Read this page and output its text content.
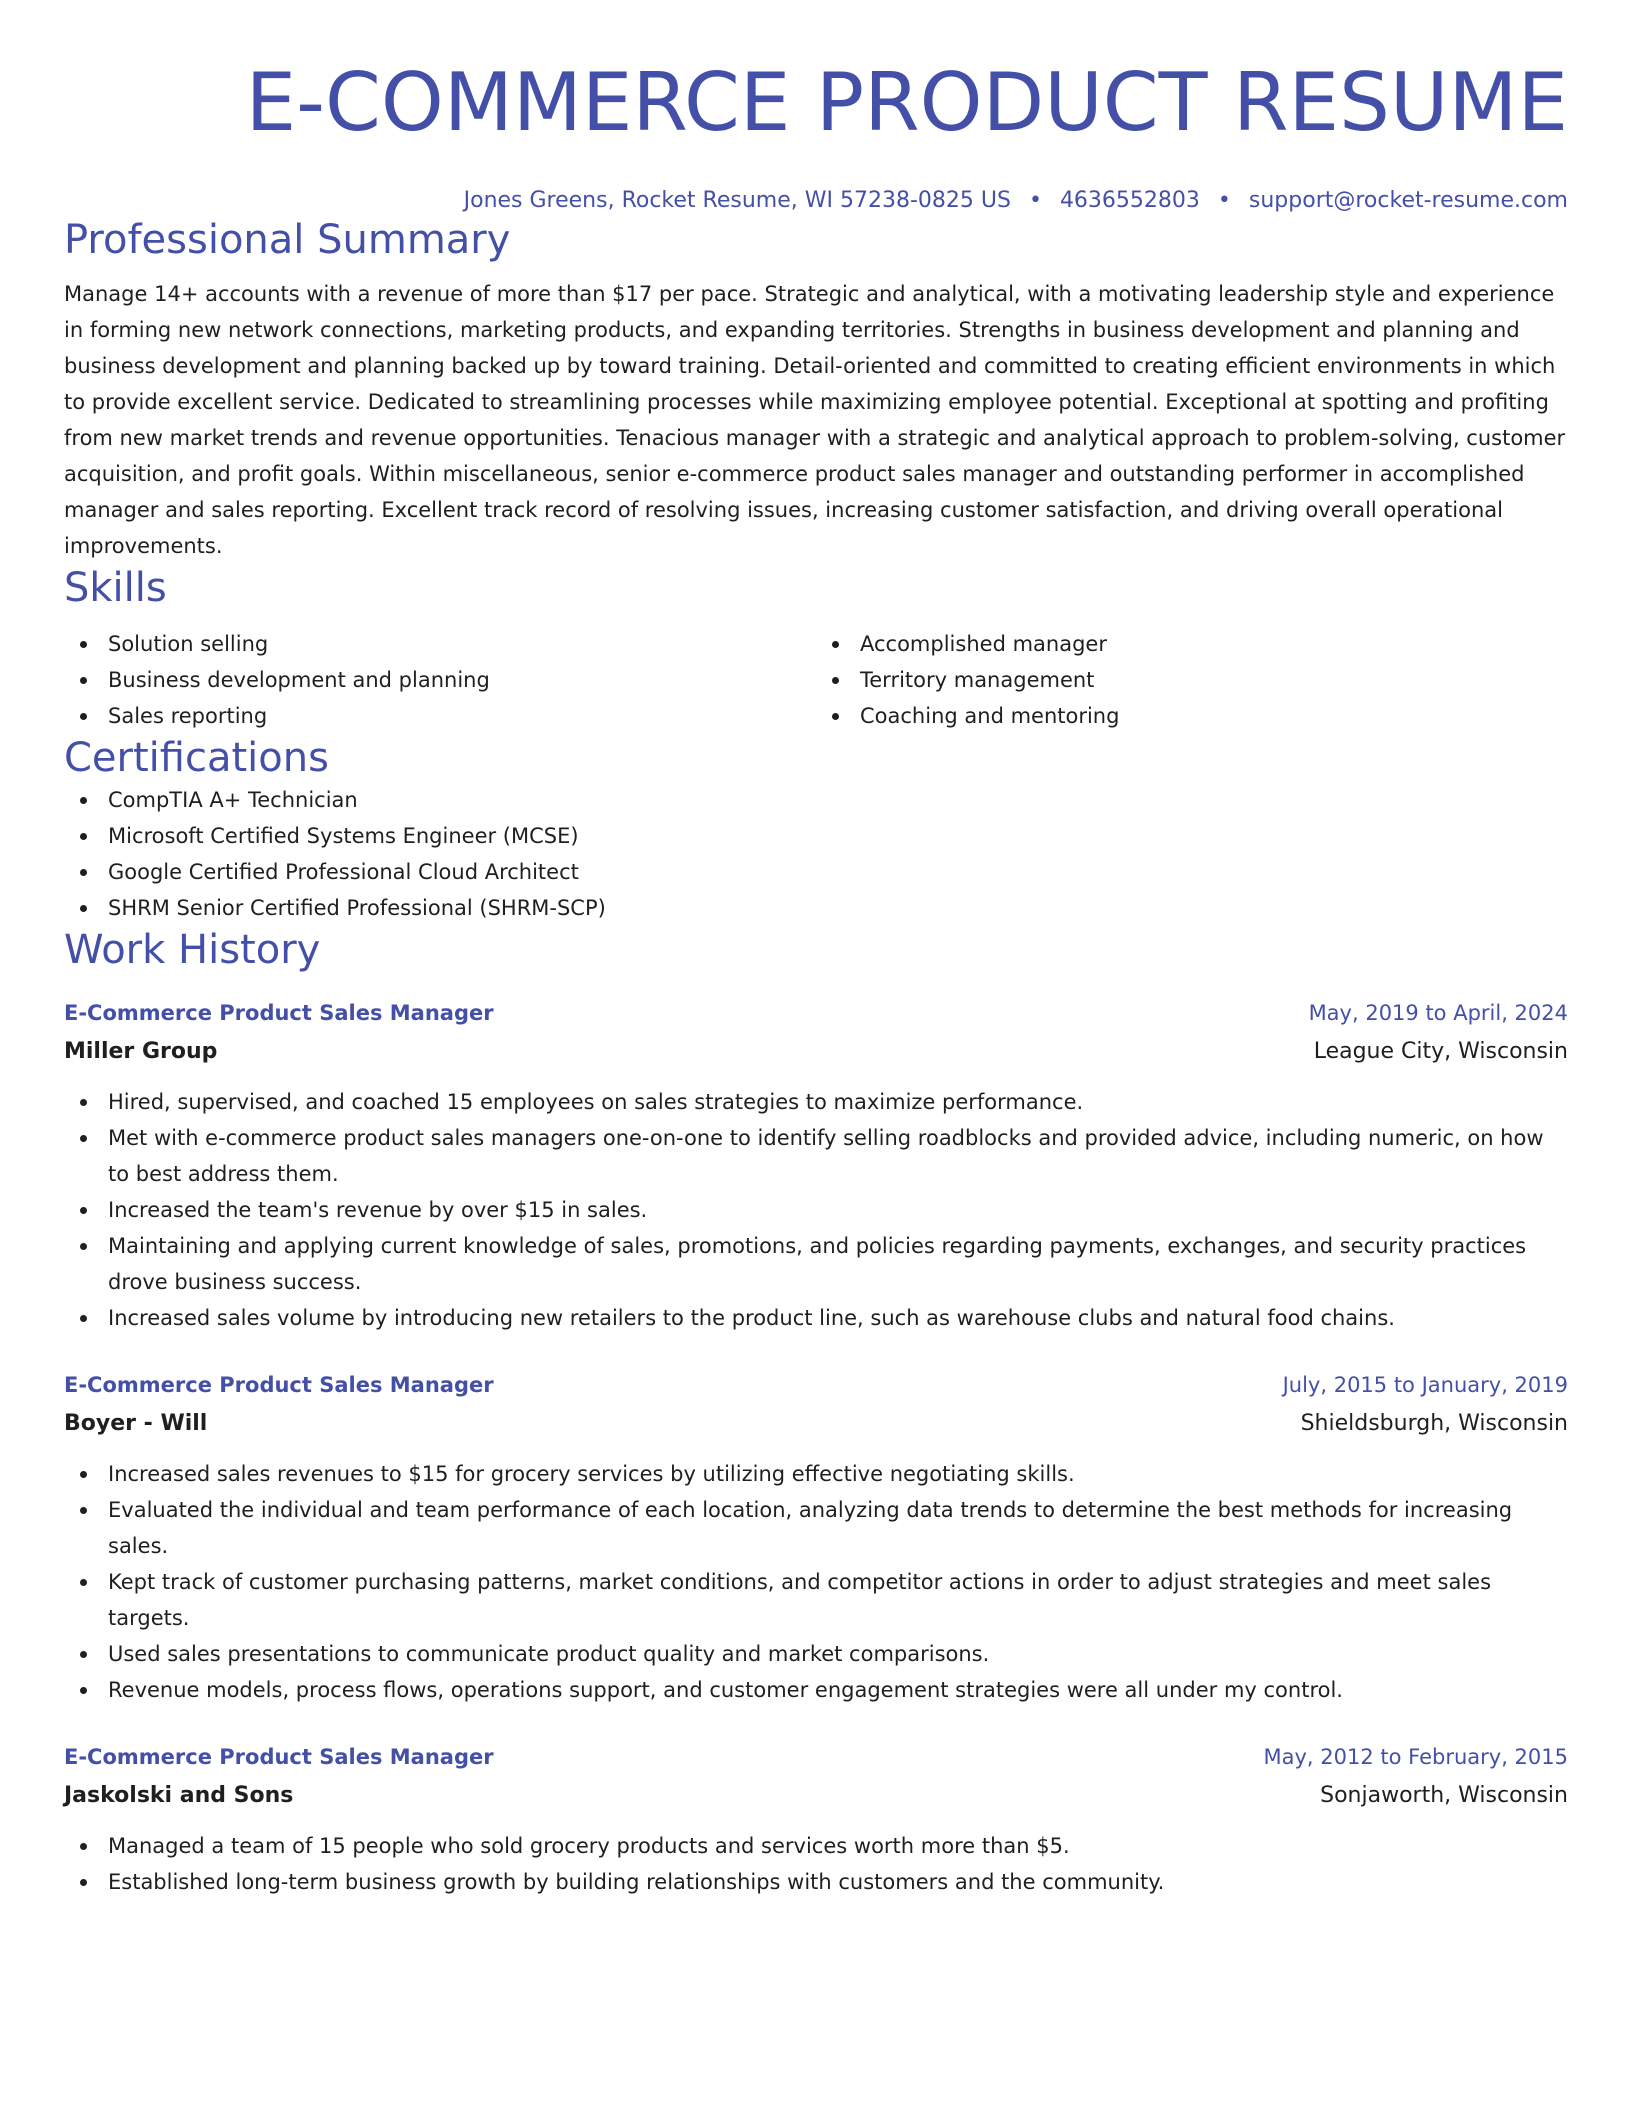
E-COMMERCE PRODUCT RESUME
Jones Greens, Rocket Resume, WI 57238-0825 US • 4636552803 • support@rocket-resume.com
Professional Summary
Manage 14+ accounts with a revenue of more than $17 per pace. Strategic and analytical, with a motivating leadership style and experience in forming new network connections, marketing products, and expanding territories. Strengths in business development and planning and business development and planning backed up by toward training. Detail-oriented and committed to creating efficient environments in which to provide excellent service. Dedicated to streamlining processes while maximizing employee potential. Exceptional at spotting and profiting from new market trends and revenue opportunities. Tenacious manager with a strategic and analytical approach to problem-solving, customer acquisition, and profit goals. Within miscellaneous, senior e-commerce product sales manager and outstanding performer in accomplished manager and sales reporting. Excellent track record of resolving issues, increasing customer satisfaction, and driving overall operational improvements.
Skills
Solution selling
Business development and planning
Sales reporting
Accomplished manager
Territory management
Coaching and mentoring
Certifications
CompTIA A+ Technician
Microsoft Certified Systems Engineer (MCSE)
Google Certified Professional Cloud Architect
SHRM Senior Certified Professional (SHRM-SCP)
Work History
E-Commerce Product Sales Manager	May, 2019 to April, 2024
Miller Group	League City, Wisconsin
Hired, supervised, and coached 15 employees on sales strategies to maximize performance.
Met with e-commerce product sales managers one-on-one to identify selling roadblocks and provided advice, including numeric, on how to best address them.
Increased the team's revenue by over $15 in sales.
Maintaining and applying current knowledge of sales, promotions, and policies regarding payments, exchanges, and security practices drove business success.
Increased sales volume by introducing new retailers to the product line, such as warehouse clubs and natural food chains.
E-Commerce Product Sales Manager	July, 2015 to January, 2019
Boyer - Will	Shieldsburgh, Wisconsin
Increased sales revenues to $15 for grocery services by utilizing effective negotiating skills.
Evaluated the individual and team performance of each location, analyzing data trends to determine the best methods for increasing sales.
Kept track of customer purchasing patterns, market conditions, and competitor actions in order to adjust strategies and meet sales targets.
Used sales presentations to communicate product quality and market comparisons.
Revenue models, process flows, operations support, and customer engagement strategies were all under my control.
E-Commerce Product Sales Manager	May, 2012 to February, 2015
Jaskolski and Sons	Sonjaworth, Wisconsin
Managed a team of 15 people who sold grocery products and services worth more than $5.
Established long-term business growth by building relationships with customers and the community.
